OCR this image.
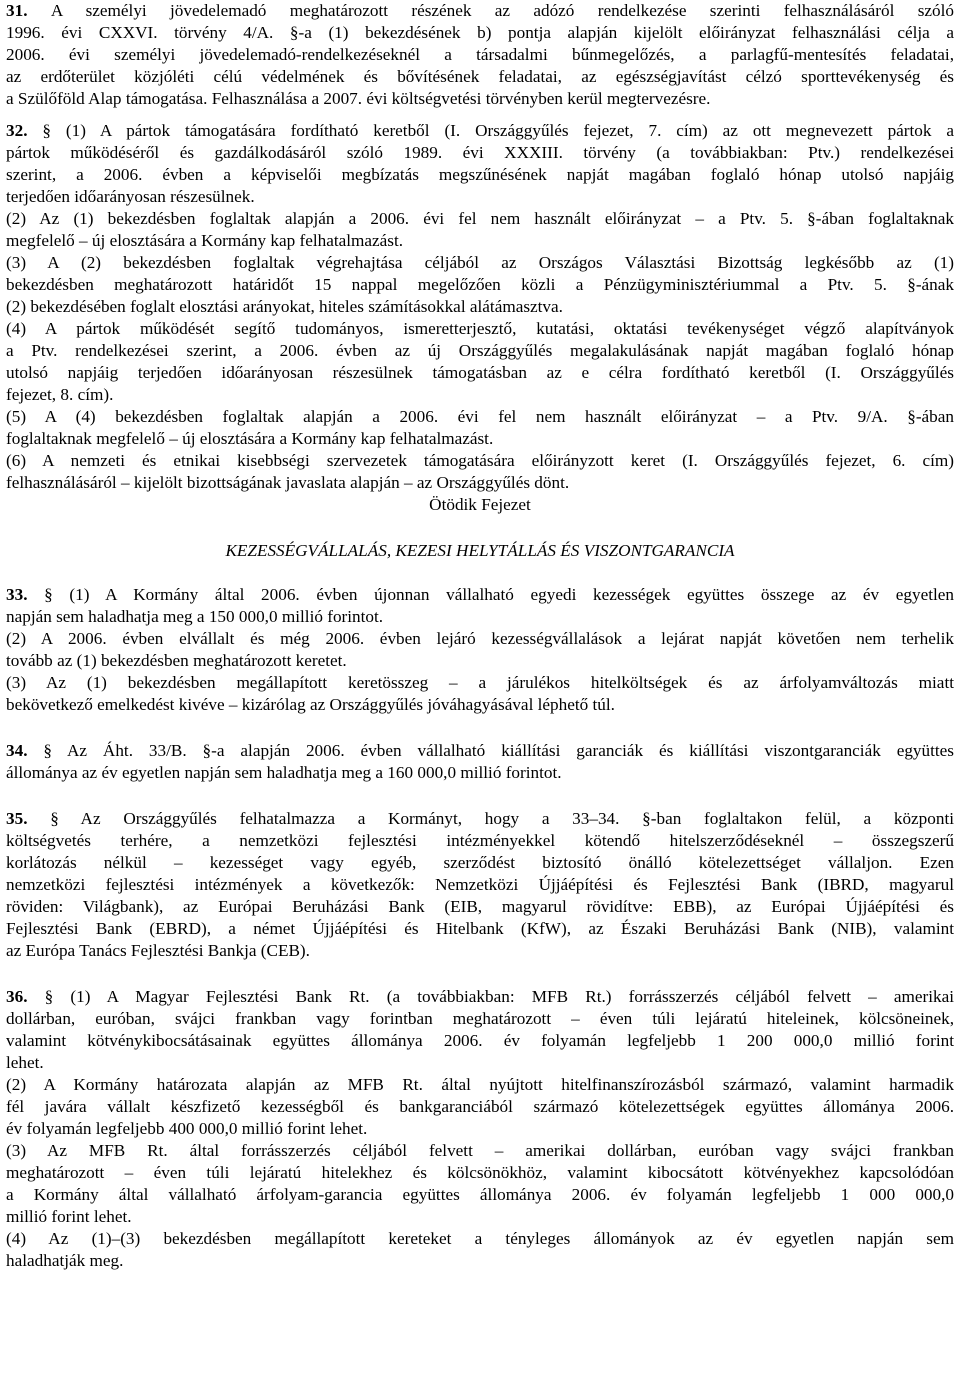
31. A személyi jövedelemadó meghatározott részének az adózó rendelkezése szerinti felhasználásáról szóló
1996. évi CXXVI. törvény 4/A. §-a (1) bekezdésének b) pontja alapján kijelölt előirányzat felhasználási célja a
2006. évi személyi jövedelemadó-rendelkezéseknél a társadalmi bűnmegelőzés, a parlagfű-mentesítés feladatai,
az erdőterület közjóléti célú védelmének és bővítésének feladatai, az egészségjavítást célzó sporttevékenység és
a Szülőföld Alap támogatása. Felhasználása a 2007. évi költségvetési törvényben kerül megtervezésre.
32. § (1) A pártok támogatására fordítható keretből (I. Országgyűlés fejezet, 7. cím) az ott megnevezett pártok a
pártok működéséről és gazdálkodásáról szóló 1989. évi XXXIII. törvény (a továbbiakban: Ptv.) rendelkezései
szerint, a 2006. évben a képviselői megbízatás megszűnésének napját magában foglaló hónap utolsó napjáig
terjedően időarányosan részesülnek.
(2) Az (1) bekezdésben foglaltak alapján a 2006. évi fel nem használt előirányzat – a Ptv. 5. §-ában foglaltaknak
megfelelő – új elosztására a Kormány kap felhatalmazást.
(3) A (2) bekezdésben foglaltak végrehajtása céljából az Országos Választási Bizottság legkésőbb az (1)
bekezdésben meghatározott határidőt 15 nappal megelőzően közli a Pénzügyminisztériummal a Ptv. 5. §-ának
(2) bekezdésében foglalt elosztási arányokat, hiteles számításokkal alátámasztva.
(4) A pártok működését segítő tudományos, ismeretterjesztő, kutatási, oktatási tevékenységet végző alapítványok
a Ptv. rendelkezései szerint, a 2006. évben az új Országgyűlés megalakulásának napját magában foglaló hónap
utolsó napjáig terjedően időarányosan részesülnek támogatásban az e célra fordítható keretből (I. Országgyűlés
fejezet, 8. cím).
(5) A (4) bekezdésben foglaltak alapján a 2006. évi fel nem használt előirányzat – a Ptv. 9/A. §-ában
foglaltaknak megfelelő – új elosztására a Kormány kap felhatalmazást.
(6) A nemzeti és etnikai kisebbségi szervezetek támogatására előirányzott keret (I. Országgyűlés fejezet, 6. cím)
felhasználásáról – kijelölt bizottságának javaslata alapján – az Országgyűlés dönt.
Ötödik Fejezet
KEZESSÉGVÁLLALÁS, KEZESI HELYTÁLLÁS ÉS VISZONTGARANCIA
33. § (1) A Kormány által 2006. évben újonnan vállalható egyedi kezességek együttes összege az év egyetlen
napján sem haladhatja meg a 150 000,0 millió forintot.
(2) A 2006. évben elvállalt és még 2006. évben lejáró kezességvállalások a lejárat napját követően nem terhelik
tovább az (1) bekezdésben meghatározott keretet.
(3) Az (1) bekezdésben megállapított keretösszeg – a járulékos hitelköltségek és az árfolyamváltozás miatt
bekövetkező emelkedést kivéve – kizárólag az Országgyűlés jóváhagyásával léphető túl.
34. § Az Áht. 33/B. §-a alapján 2006. évben vállalható kiállítási garanciák és kiállítási viszontgaranciák együttes
állománya az év egyetlen napján sem haladhatja meg a 160 000,0 millió forintot.
35. § Az Országgyűlés felhatalmazza a Kormányt, hogy a 33–34. §-ban foglaltakon felül, a központi
költségvetés terhére, a nemzetközi fejlesztési intézményekkel kötendő hitelszerződéseknél – összegszerű
korlátozás nélkül – kezességet vagy egyéb, szerződést biztosító önálló kötelezettséget vállaljon. Ezen
nemzetközi fejlesztési intézmények a következők: Nemzetközi Újjáépítési és Fejlesztési Bank (IBRD, magyarul
röviden: Világbank), az Európai Beruházási Bank (EIB, magyarul rövidítve: EBB), az Európai Újjáépítési és
Fejlesztési Bank (EBRD), a német Újjáépítési és Hitelbank (KfW), az Északi Beruházási Bank (NIB), valamint
az Európa Tanács Fejlesztési Bankja (CEB).
36. § (1) A Magyar Fejlesztési Bank Rt. (a továbbiakban: MFB Rt.) forrásszerzés céljából felvett – amerikai
dollárban, euróban, svájci frankban vagy forintban meghatározott – éven túli lejáratú hiteleinek, kölcsöneinek,
valamint kötvénykibocsátásainak együttes állománya 2006. év folyamán legfeljebb 1 200 000,0 millió forint
lehet.
(2) A Kormány határozata alapján az MFB Rt. által nyújtott hitelfinanszírozásból származó, valamint harmadik
fél javára vállalt készfizető kezességből és bankgaranciából származó kötelezettségek együttes állománya 2006.
év folyamán legfeljebb 400 000,0 millió forint lehet.
(3) Az MFB Rt. által forrásszerzés céljából felvett – amerikai dollárban, euróban vagy svájci frankban
meghatározott – éven túli lejáratú hitelekhez és kölcsönökhöz, valamint kibocsátott kötvényekhez kapcsolódóan
a Kormány által vállalható árfolyam-garancia együttes állománya 2006. év folyamán legfeljebb 1 000 000,0
millió forint lehet.
(4) Az (1)–(3) bekezdésben megállapított kereteket a tényleges állományok az év egyetlen napján sem
haladhatják meg.
